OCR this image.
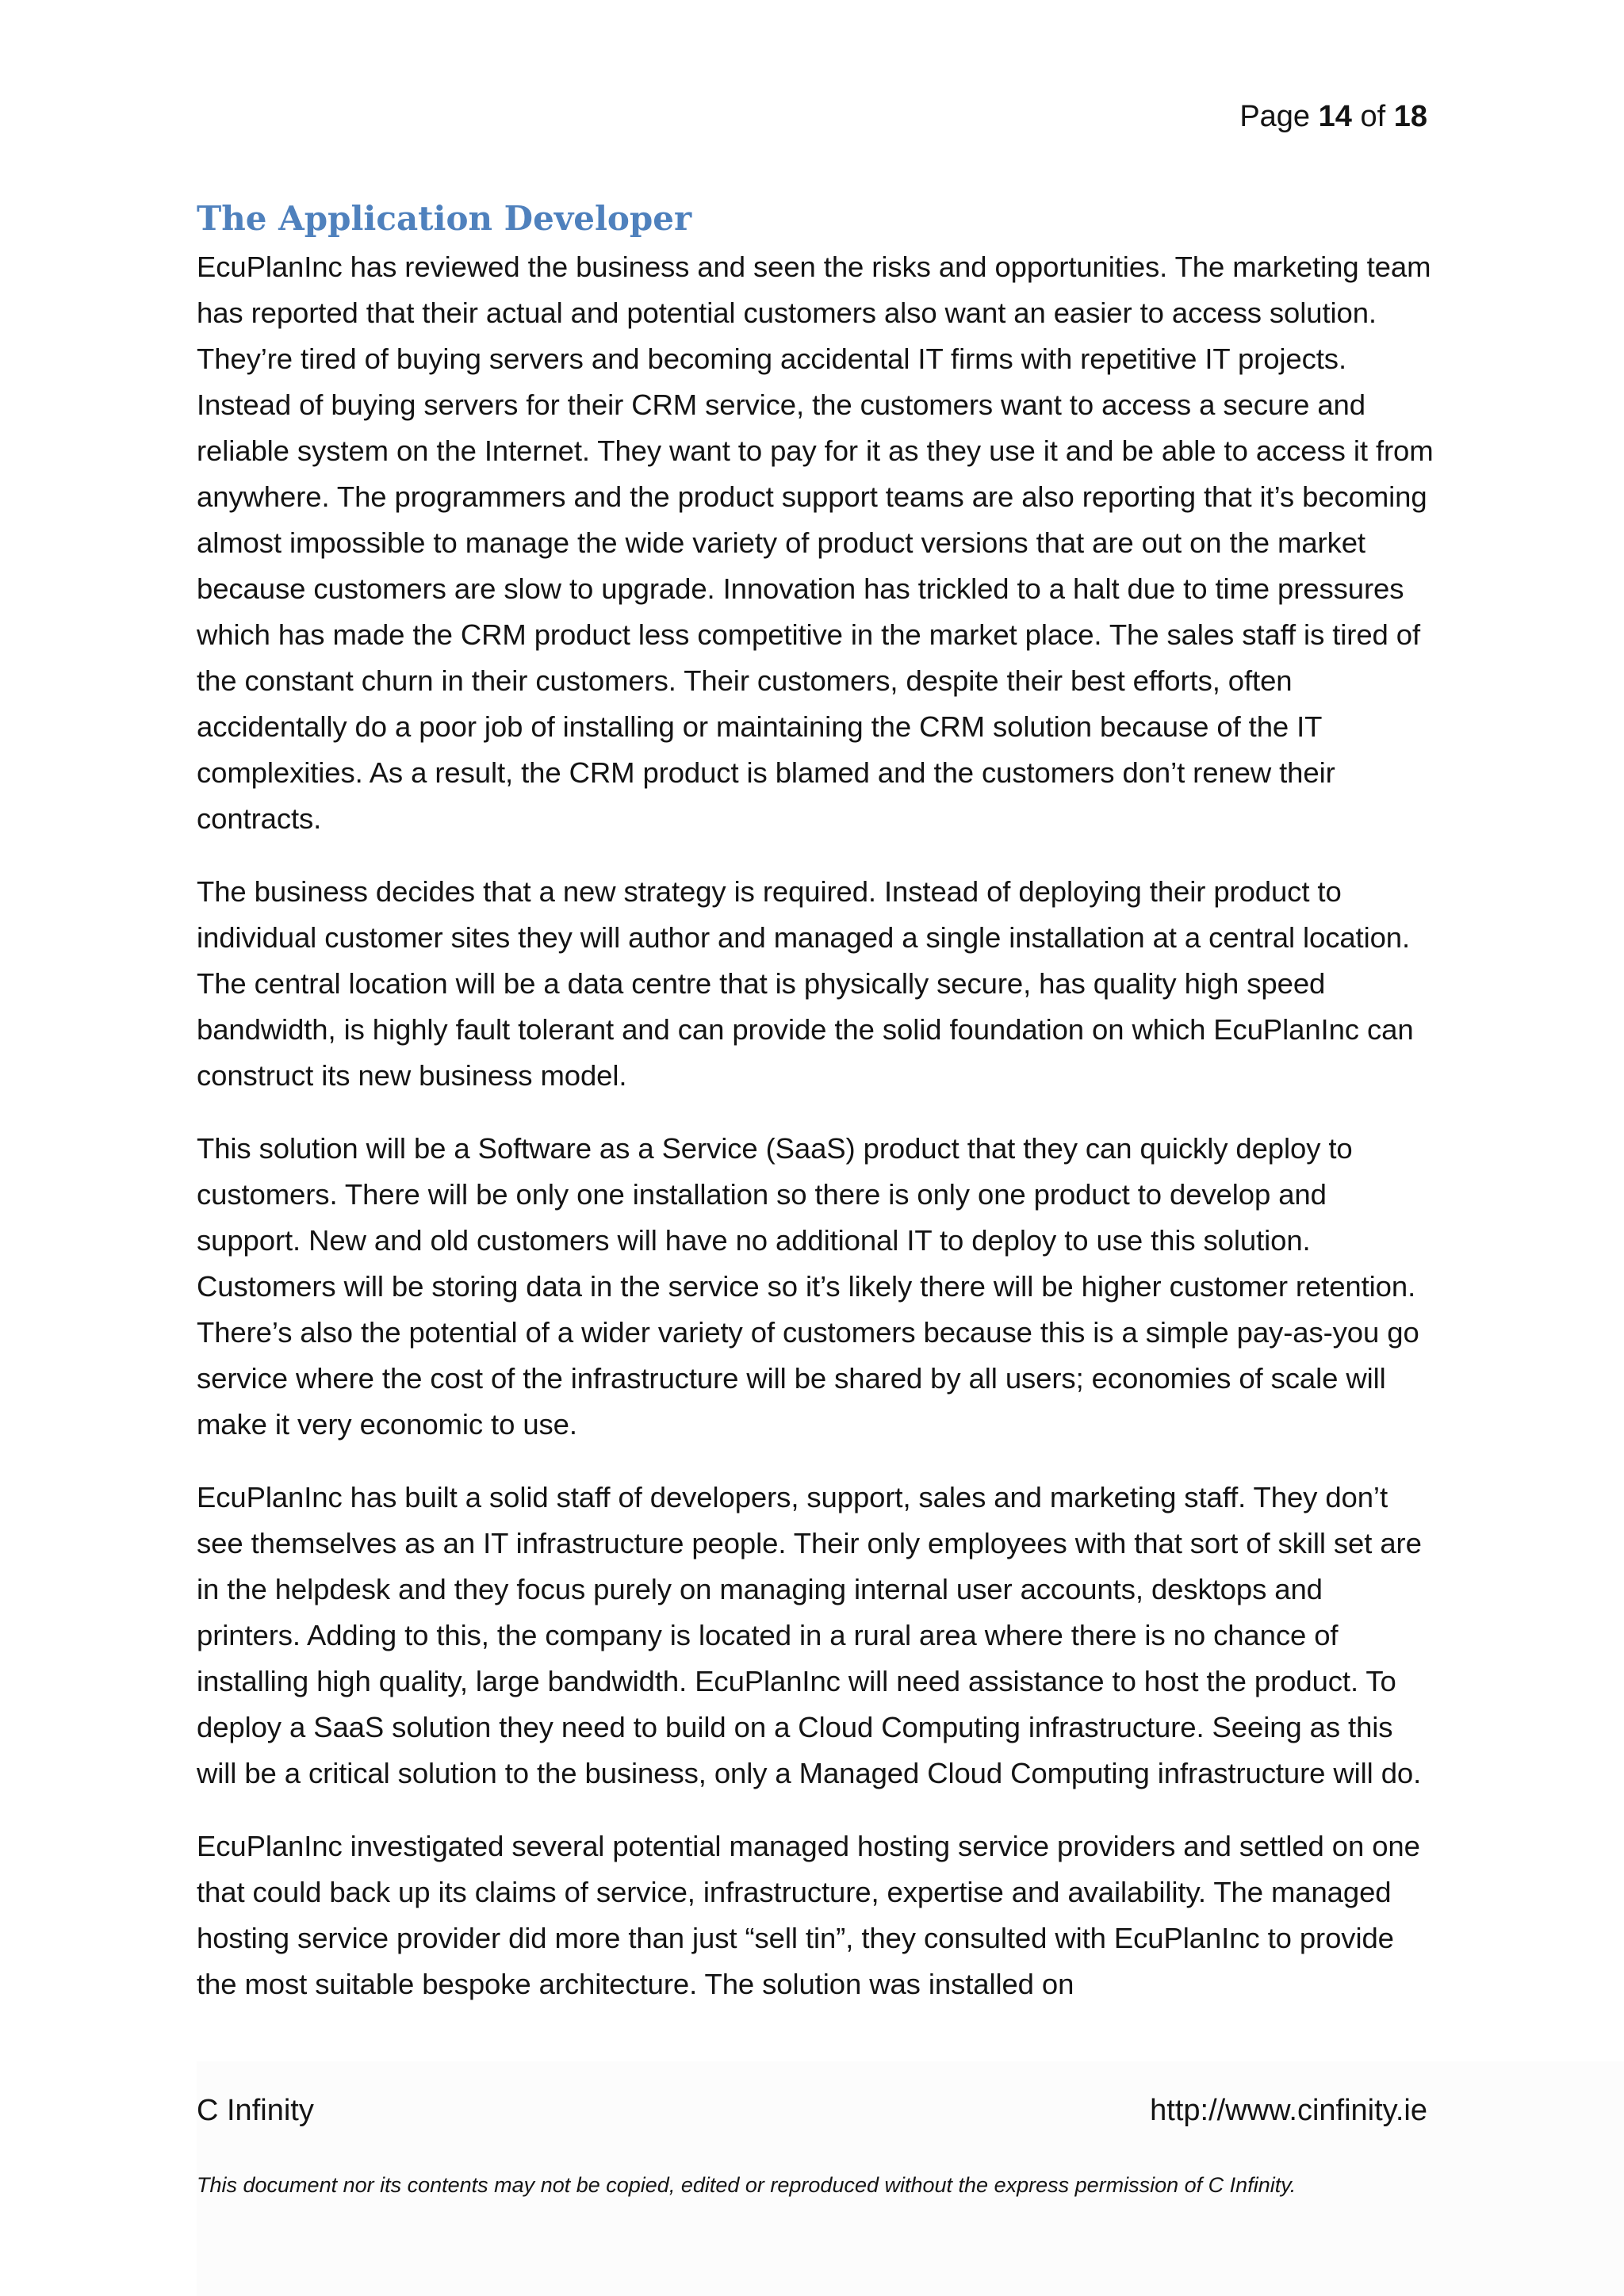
Page 14 of 18
The Application Developer

EcuPlanInc has reviewed the business and seen the risks and opportunities. The marketing team has reported that their actual and potential customers also want an easier to access solution. They’re tired of buying servers and becoming accidental IT firms with repetitive IT projects. Instead of buying servers for their CRM service, the customers want to access a secure and reliable system on the Internet. They want to pay for it as they use it and be able to access it from anywhere. The programmers and the product support teams are also reporting that it’s becoming almost impossible to manage the wide variety of product versions that are out on the market because customers are slow to upgrade. Innovation has trickled to a halt due to time pressures which has made the CRM product less competitive in the market place. The sales staff is tired of the constant churn in their customers. Their customers, despite their best efforts, often accidentally do a poor job of installing or maintaining the CRM solution because of the IT complexities. As a result, the CRM product is blamed and the customers don’t renew their contracts.

The business decides that a new strategy is required. Instead of deploying their product to individual customer sites they will author and managed a single installation at a central location. The central location will be a data centre that is physically secure, has quality high speed bandwidth, is highly fault tolerant and can provide the solid foundation on which EcuPlanInc can construct its new business model.

This solution will be a Software as a Service (SaaS) product that they can quickly deploy to customers. There will be only one installation so there is only one product to develop and support. New and old customers will have no additional IT to deploy to use this solution. Customers will be storing data in the service so it’s likely there will be higher customer retention. There’s also the potential of a wider variety of customers because this is a simple pay-as-you go service where the cost of the infrastructure will be shared by all users; economies of scale will make it very economic to use.

EcuPlanInc has built a solid staff of developers, support, sales and marketing staff. They don’t see themselves as an IT infrastructure people. Their only employees with that sort of skill set are in the helpdesk and they focus purely on managing internal user accounts, desktops and printers. Adding to this, the company is located in a rural area where there is no chance of installing high quality, large bandwidth. EcuPlanInc will need assistance to host the product. To deploy a SaaS solution they need to build on a Cloud Computing infrastructure. Seeing as this will be a critical solution to the business, only a Managed Cloud Computing infrastructure will do.

EcuPlanInc investigated several potential managed hosting service providers and settled on one that could back up its claims of service, infrastructure, expertise and availability. The managed hosting service provider did more than just “sell tin”, they consulted with EcuPlanInc to provide the most suitable bespoke architecture. The solution was installed on

C Infinity	http://www.cinfinity.ie
This document nor its contents may not be copied, edited or reproduced without the express permission of C Infinity.
